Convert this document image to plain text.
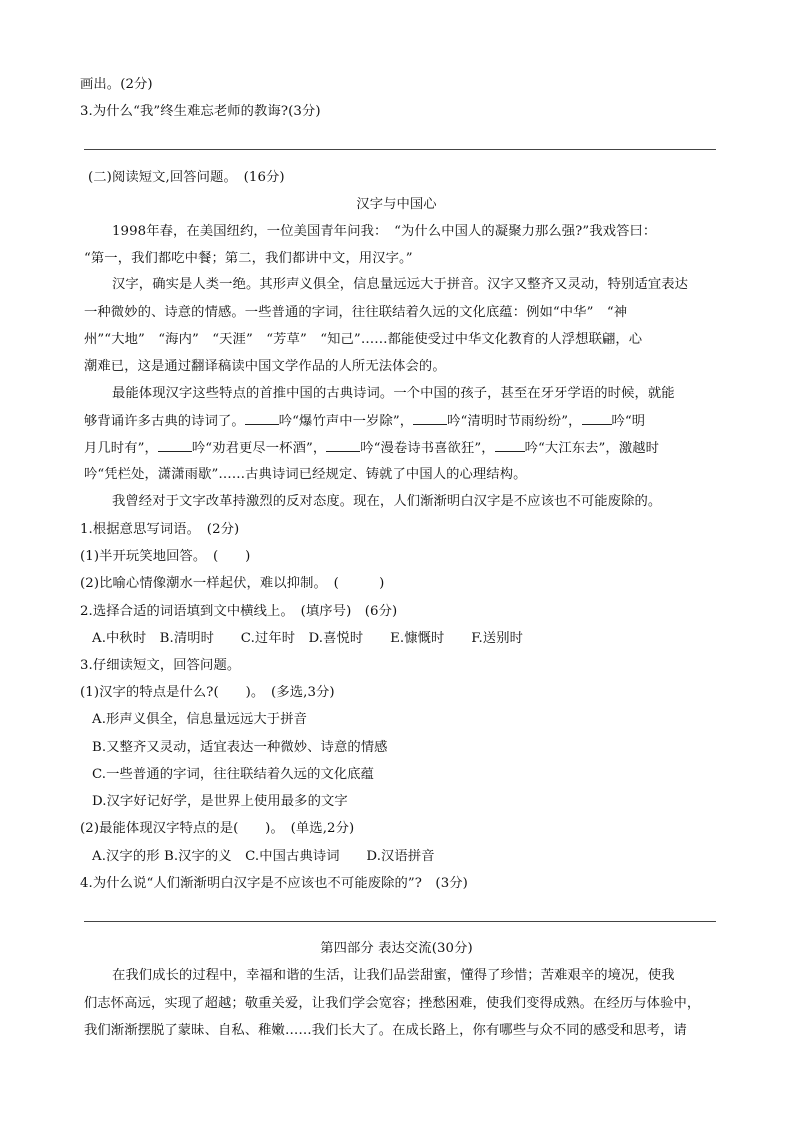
画出。(2分)
3.为什么“我”终生难忘老师的教诲?(3分)
(二)阅读短文,回答问题。　(16分)
汉字与中国心
1998年春，在美国纽约，一位美国青年问我：　“为什么中国人的凝聚力那么强?”我戏答曰：
“第一，我们都吃中餐；第二，我们都讲中文，用汉字。”
汉字，确实是人类一绝。其形声义俱全，信息量远远大于拼音。汉字又整齐又灵动，特别适宜表达
一种微妙的、诗意的情感。一些普通的字词，往往联结着久远的文化底蕴：例如“中华”　“神
州”“大地”　“海内”　“天涯”　“芳草”　“知己”……都能使受过中华文化教育的人浮想联翩，心
潮难已，这是通过翻译稿读中国文学作品的人所无法体会的。
最能体现汉字这些特点的首推中国的古典诗词。一个中国的孩子，甚至在牙牙学语的时候，就能
够背诵许多古典的诗词了。	吟“爆竹声中一岁除”，	吟“清明时节雨纷纷”， 吟“明
月几时有”，	吟“劝君更尽一杯酒”，	吟“漫卷诗书喜欲狂”， 吟“大江东去”，激越时
吟“凭栏处，潇潇雨歇”……古典诗词已经规定、铸就了中国人的心理结构。
我曾经对于文字改革持激烈的反对态度。现在，人们渐渐明白汉字是不应该也不可能废除的。
1.根据意思写词语。　(2分)
(1)半开玩笑地回答。　(　　)
(2)比喻心情像潮水一样起伏，难以抑制。　(　　　)
2.选择合适的词语填到文中横线上。　(填序号)　(6分)
A.中秋时　B.清明时　　C.过年时　D.喜悦时　　E.慷慨时　　F.送别时
3.仔细读短文，回答问题。
(1)汉字的特点是什么?(　　)。　(多选,3分)
A.形声义俱全，信息量远远大于拼音
B.又整齐又灵动，适宜表达一种微妙、诗意的情感
C.一些普通的字词，往往联结着久远的文化底蕴
D.汉字好记好学，是世界上使用最多的文字
(2)最能体现汉字特点的是(　　)。　(单选,2分)
A.汉字的形 B.汉字的义　C.中国古典诗词　　D.汉语拼音
4.为什么说“人们渐渐明白汉字是不应该也不可能废除的”?　(3分)
第四部分 表达交流(30分)
在我们成长的过程中，幸福和谐的生活，让我们品尝甜蜜，懂得了珍惜；苦难艰辛的境况，使我
们志怀高远，实现了超越；敬重关爱，让我们学会宽容；挫愁困难，使我们变得成熟。在经历与体验中，
我们渐渐摆脱了蒙昧、自私、稚嫩……我们长大了。在成长路上，你有哪些与众不同的感受和思考，请
